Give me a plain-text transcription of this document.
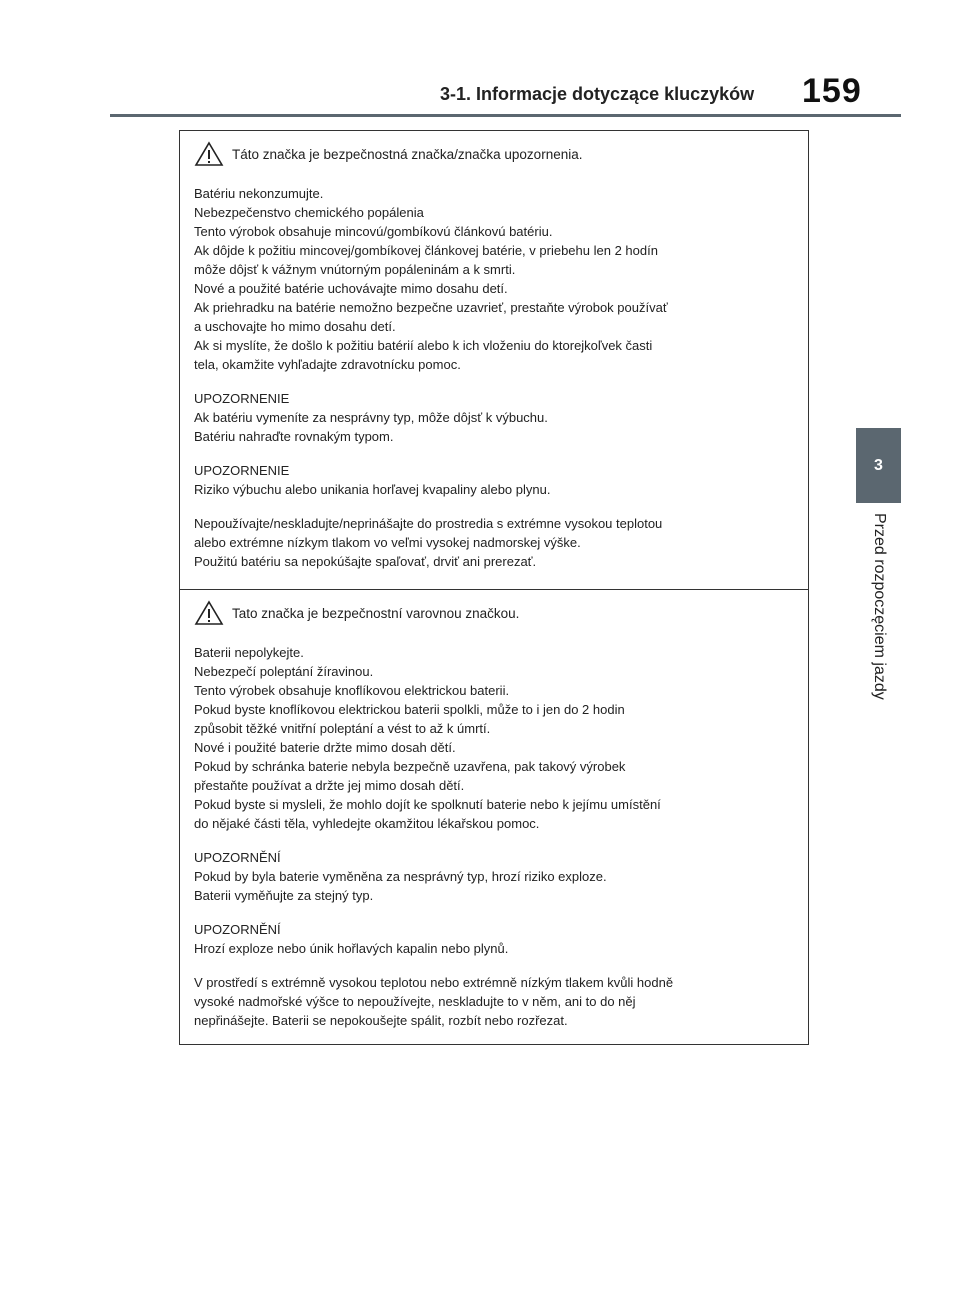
3-1. Informacje dotyczące kluczyków 159
3
Przed rozpoczęciem jazdy
Táto značka je bezpečnostná značka/značka upozornenia.

Batériu nekonzumujte.
Nebezpečenstvo chemického popálenia
Tento výrobok obsahuje mincovú/gombíkovú článkovú batériu.
Ak dôjde k požitiu mincovej/gombíkovej článkovej batérie, v priebehu len 2 hodín
môže dôjsť k vážnym vnútorným popáleninám a k smrti.
Nové a použité batérie uchovávajte mimo dosahu detí.
Ak priehradku na batérie nemožno bezpečne uzavrieť, prestaňte výrobok používať
a uschovajte ho mimo dosahu detí.
Ak si myslíte, že došlo k požitiu batérií alebo k ich vloženiu do ktorejkoľvek časti
tela, okamžite vyhľadajte zdravotnícku pomoc.

UPOZORNENIE
Ak batériu vymeníte za nesprávny typ, môže dôjsť k výbuchu.
Batériu nahraďte rovnakým typom.

UPOZORNENIE
Riziko výbuchu alebo unikania horľavej kvapaliny alebo plynu.

Nepoužívajte/neskladujte/neprinášajte do prostredia s extrémne vysokou teplotou
alebo extrémne nízkym tlakom vo veľmi vysokej nadmorskej výške.
Použitú batériu sa nepokúšajte spaľovať, drviť ani prerezať.

Tato značka je bezpečnostní varovnou značkou.

Baterii nepolykejte.
Nebezpečí poleptání žíravinou.
Tento výrobek obsahuje knoflíkovou elektrickou baterii.
Pokud byste knoflíkovou elektrickou baterii spolkli, může to i jen do 2 hodin
způsobit těžké vnitřní poleptání a vést to až k úmrtí.
Nové i použité baterie držte mimo dosah dětí.
Pokud by schránka baterie nebyla bezpečně uzavřena, pak takový výrobek
přestaňte používat a držte jej mimo dosah dětí.
Pokud byste si mysleli, že mohlo dojít ke spolknutí baterie nebo k jejímu umístění
do nějaké části těla, vyhledejte okamžitou lékařskou pomoc.

UPOZORNĚNÍ
Pokud by byla baterie vyměněna za nesprávný typ, hrozí riziko exploze.
Baterii vyměňujte za stejný typ.

UPOZORNĚNÍ
Hrozí exploze nebo únik hořlavých kapalin nebo plynů.

V prostředí s extrémně vysokou teplotou nebo extrémně nízkým tlakem kvůli hodně
vysoké nadmořské výšce to nepoužívejte, neskladujte to v něm, ani to do něj
nepřinášejte. Baterii se nepokoušejte spálit, rozbít nebo rozřezat.
